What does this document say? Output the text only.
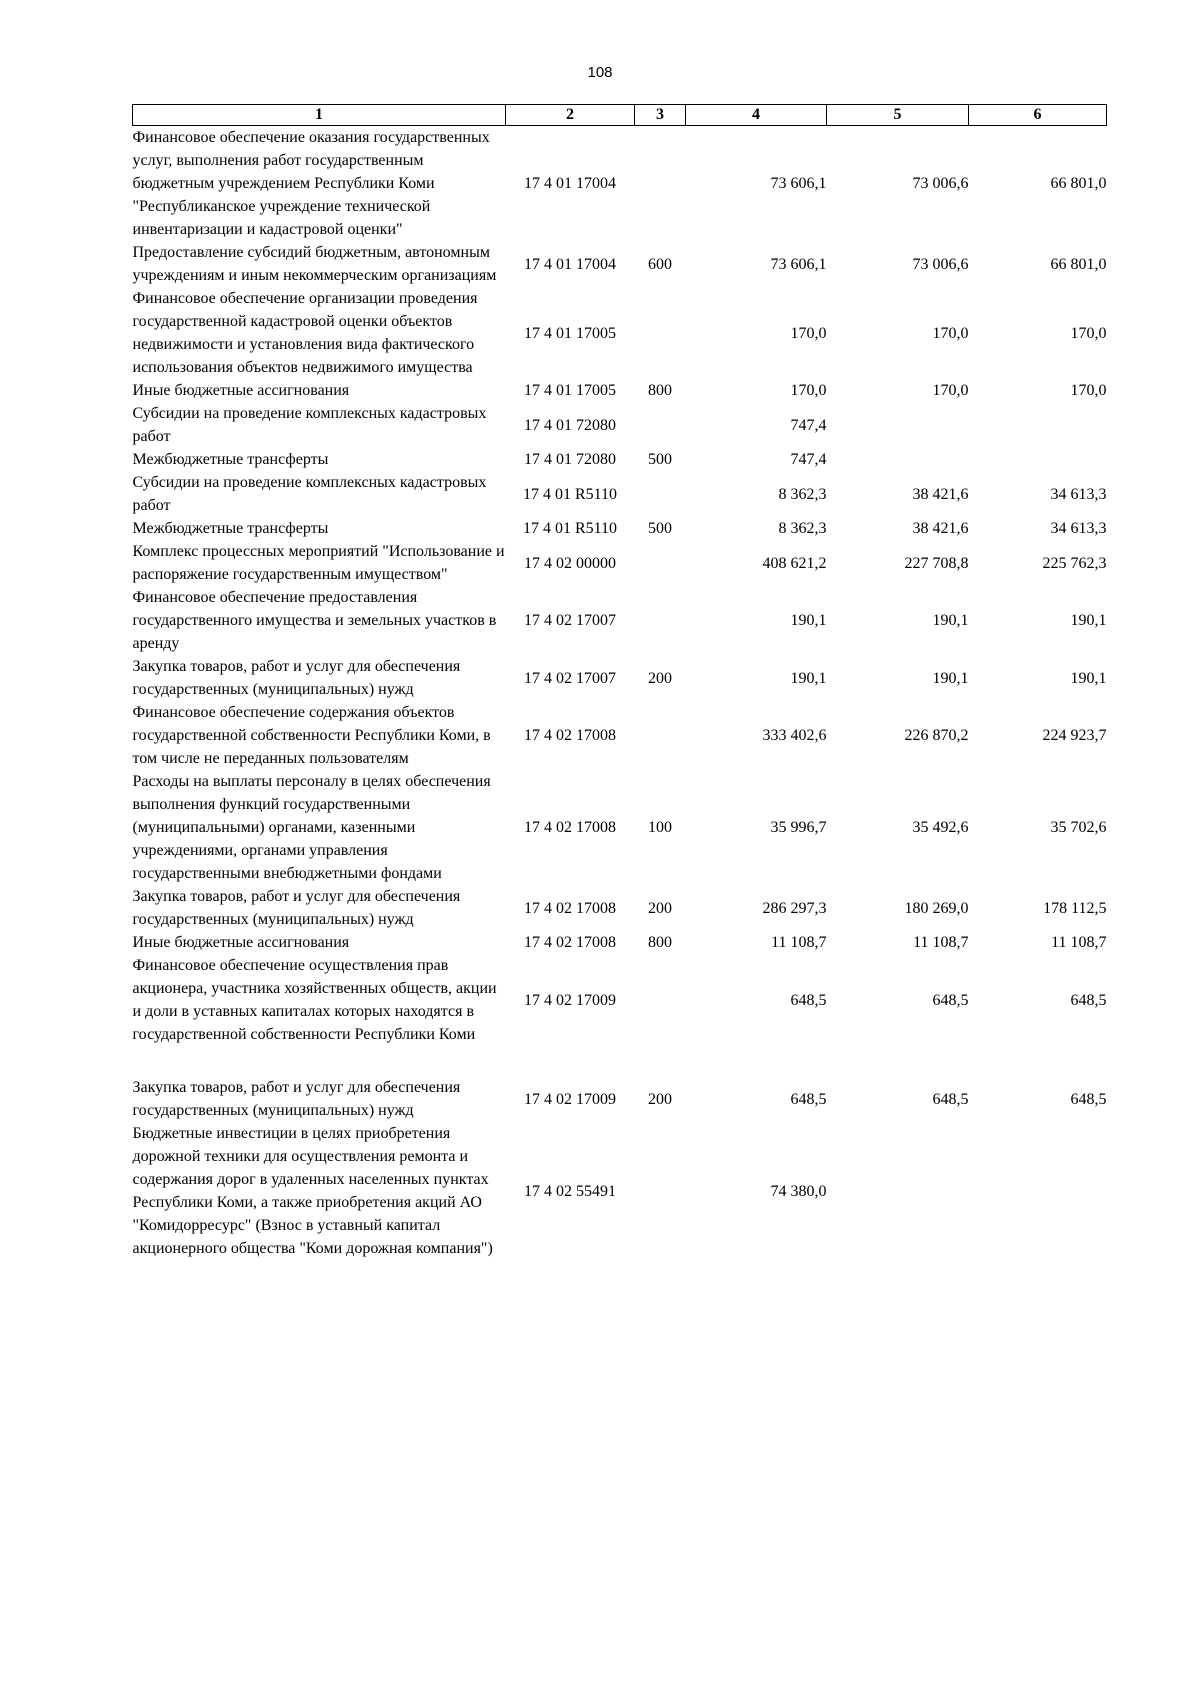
108
1	2	3	4	5	6
Финансовое обеспечение оказания государственных услуг, выполнения работ государственным бюджетным учреждением Республики Коми "Республиканское учреждение технической инвентаризации и кадастровой оценки"	17 4 01 17004		73 606,1	73 006,6	66 801,0
Предоставление субсидий бюджетным, автономным учреждениям и иным некоммерческим организациям	17 4 01 17004	600	73 606,1	73 006,6	66 801,0
Финансовое обеспечение организации проведения государственной кадастровой оценки объектов недвижимости и установления вида фактического использования объектов недвижимого имущества	17 4 01 17005		170,0	170,0	170,0
Иные бюджетные ассигнования	17 4 01 17005	800	170,0	170,0	170,0
Субсидии на проведение комплексных кадастровых работ	17 4 01 72080		747,4		
Межбюджетные трансферты	17 4 01 72080	500	747,4		
Субсидии на проведение комплексных кадастровых работ	17 4 01 R5110		8 362,3	38 421,6	34 613,3
Межбюджетные трансферты	17 4 01 R5110	500	8 362,3	38 421,6	34 613,3
Комплекс процессных мероприятий "Использование и распоряжение государственным имуществом"	17 4 02 00000		408 621,2	227 708,8	225 762,3
Финансовое обеспечение предоставления государственного имущества и земельных участков в аренду	17 4 02 17007		190,1	190,1	190,1
Закупка товаров, работ и услуг для обеспечения государственных (муниципальных) нужд	17 4 02 17007	200	190,1	190,1	190,1
Финансовое обеспечение содержания объектов государственной собственности Республики Коми, в том числе не переданных пользователям	17 4 02 17008		333 402,6	226 870,2	224 923,7
Расходы на выплаты персоналу в целях обеспечения выполнения функций государственными (муниципальными) органами, казенными учреждениями, органами управления государственными внебюджетными фондами	17 4 02 17008	100	35 996,7	35 492,6	35 702,6
Закупка товаров, работ и услуг для обеспечения государственных (муниципальных) нужд	17 4 02 17008	200	286 297,3	180 269,0	178 112,5
Иные бюджетные ассигнования	17 4 02 17008	800	11 108,7	11 108,7	11 108,7
Финансовое обеспечение осуществления прав акционера, участника хозяйственных обществ, акции и доли в уставных капиталах которых находятся в государственной собственности Республики Коми	17 4 02 17009		648,5	648,5	648,5

Закупка товаров, работ и услуг для обеспечения государственных (муниципальных) нужд	17 4 02 17009	200	648,5	648,5	648,5
Бюджетные инвестиции в целях приобретения дорожной техники для осуществления ремонта и содержания дорог в удаленных населенных пунктах Республики Коми, а также приобретения акций АО "Комидорресурс" (Взнос в уставный капитал акционерного общества "Коми дорожная компания")	17 4 02 55491		74 380,0		
